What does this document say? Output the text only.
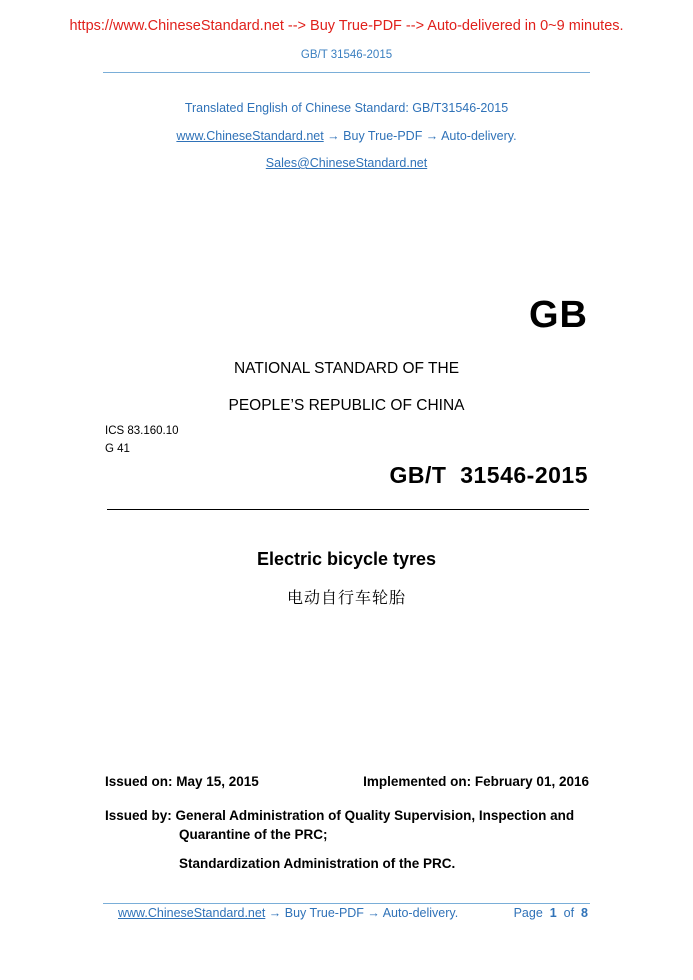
https://www.ChineseStandard.net --> Buy True-PDF --> Auto-delivered in 0~9 minutes.
GB/T 31546-2015
Translated English of Chinese Standard: GB/T31546-2015
www.ChineseStandard.net → Buy True-PDF → Auto-delivery.
Sales@ChineseStandard.net
GB
NATIONAL STANDARD OF THE
PEOPLE’S REPUBLIC OF CHINA
ICS 83.160.10
G 41
GB/T  31546-2015
Electric bicycle tyres
电动自行车轮胎
Issued on: May 15, 2015	Implemented on: February 01, 2016
Issued by: General Administration of Quality Supervision, Inspection and
Quarantine of the PRC;
Standardization Administration of the PRC.
www.ChineseStandard.net → Buy True-PDF → Auto-delivery.	Page 1 of 8
